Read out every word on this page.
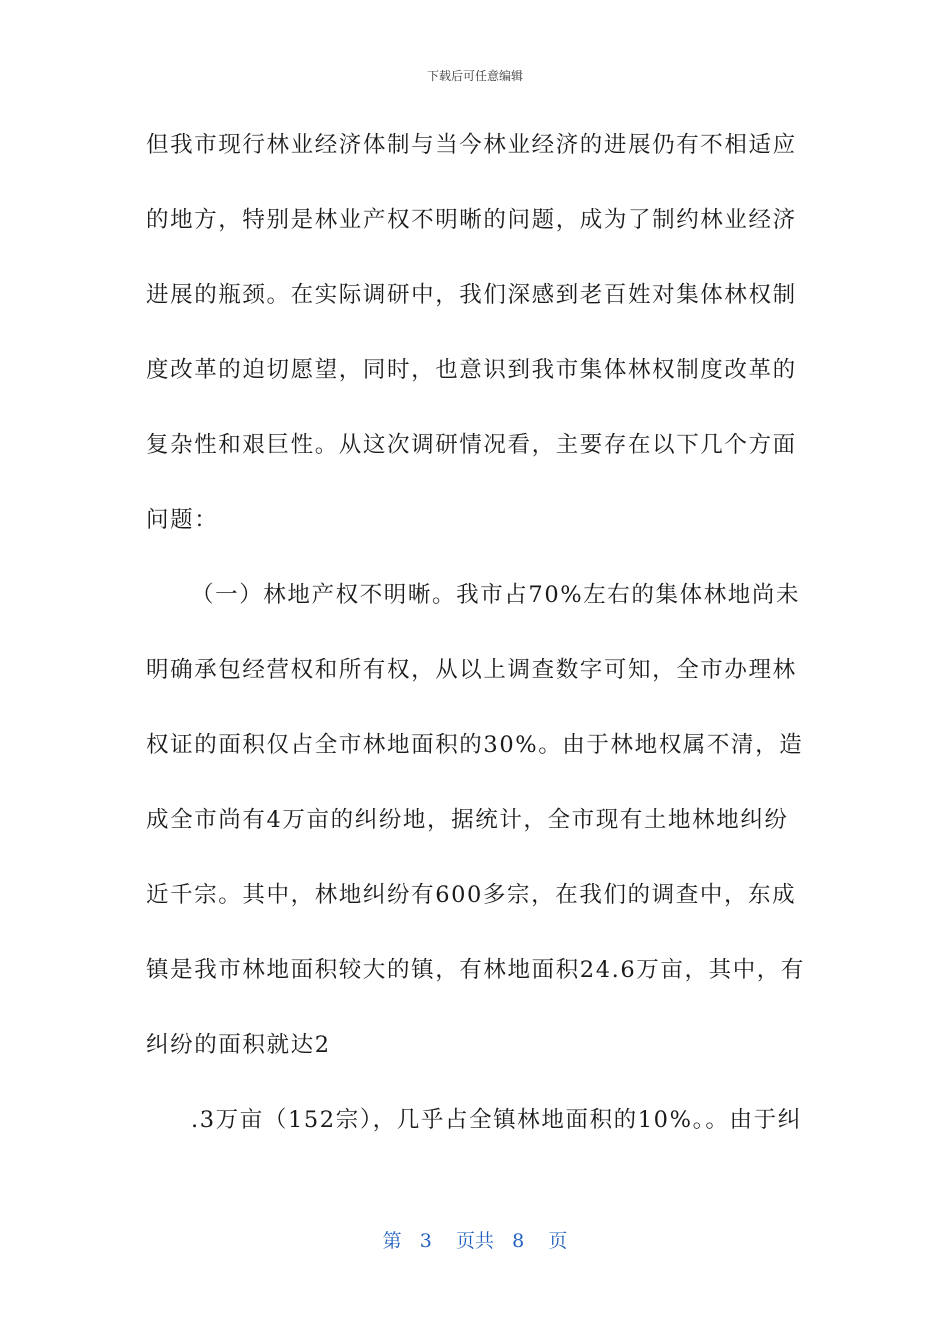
下载后可任意编辑
但我市现行林业经济体制与当今林业经济的进展仍有不相适应
的地方，特别是林业产权不明晰的问题，成为了制约林业经济
进展的瓶颈。在实际调研中，我们深感到老百姓对集体林权制
度改革的迫切愿望，同时，也意识到我市集体林权制度改革的
复杂性和艰巨性。从这次调研情况看，主要存在以下几个方面
问题：
（一）林地产权不明晰。我市占70%左右的集体林地尚未
明确承包经营权和所有权，从以上调查数字可知，全市办理林
权证的面积仅占全市林地面积的30%。由于林地权属不清，造
成全市尚有4万亩的纠纷地，据统计，全市现有土地林地纠纷
近千宗。其中，林地纠纷有600多宗，在我们的调查中，东成
镇是我市林地面积较大的镇，有林地面积24.6万亩，其中，有
纠纷的面积就达2
.3万亩（152宗），几乎占全镇林地面积的10%。。由于纠
第 3 页共 8 页
